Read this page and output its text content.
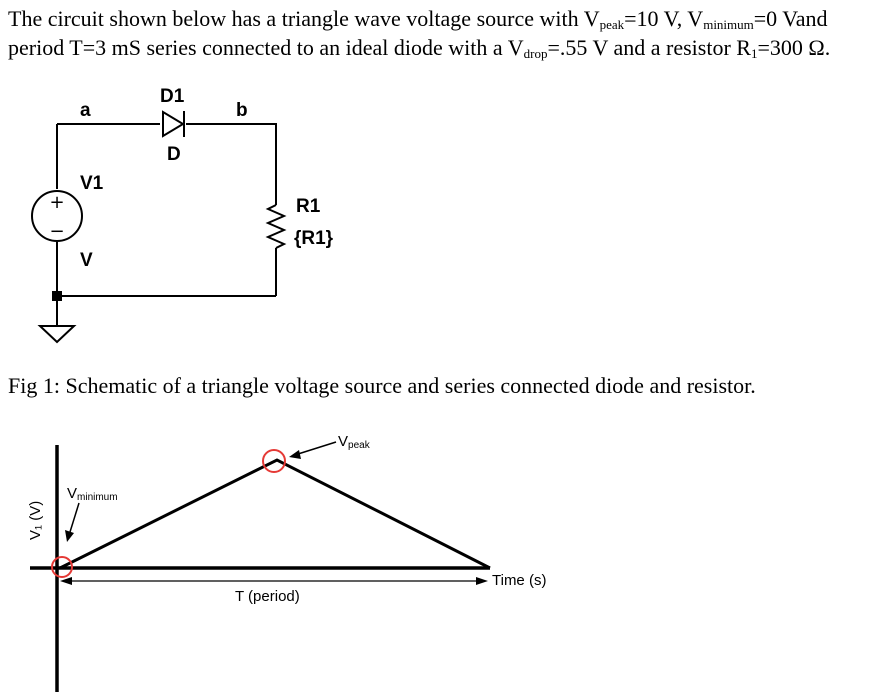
The circuit shown below has a triangle wave voltage source with $V_{peak}=10$ V, $V_{minimum}=0$ Vand period T=3 mS series connected to an ideal diode with a $V_{drop}=.55$ V and a resistor $R_1=300$ Ω.

+
−
a	b
D1
D
V1
V
R1
{R1}

Fig 1: Schematic of a triangle voltage source and series connected diode and resistor.

V₁ (V)
Vminimum
Vpeak
T (period)
Time (s)
